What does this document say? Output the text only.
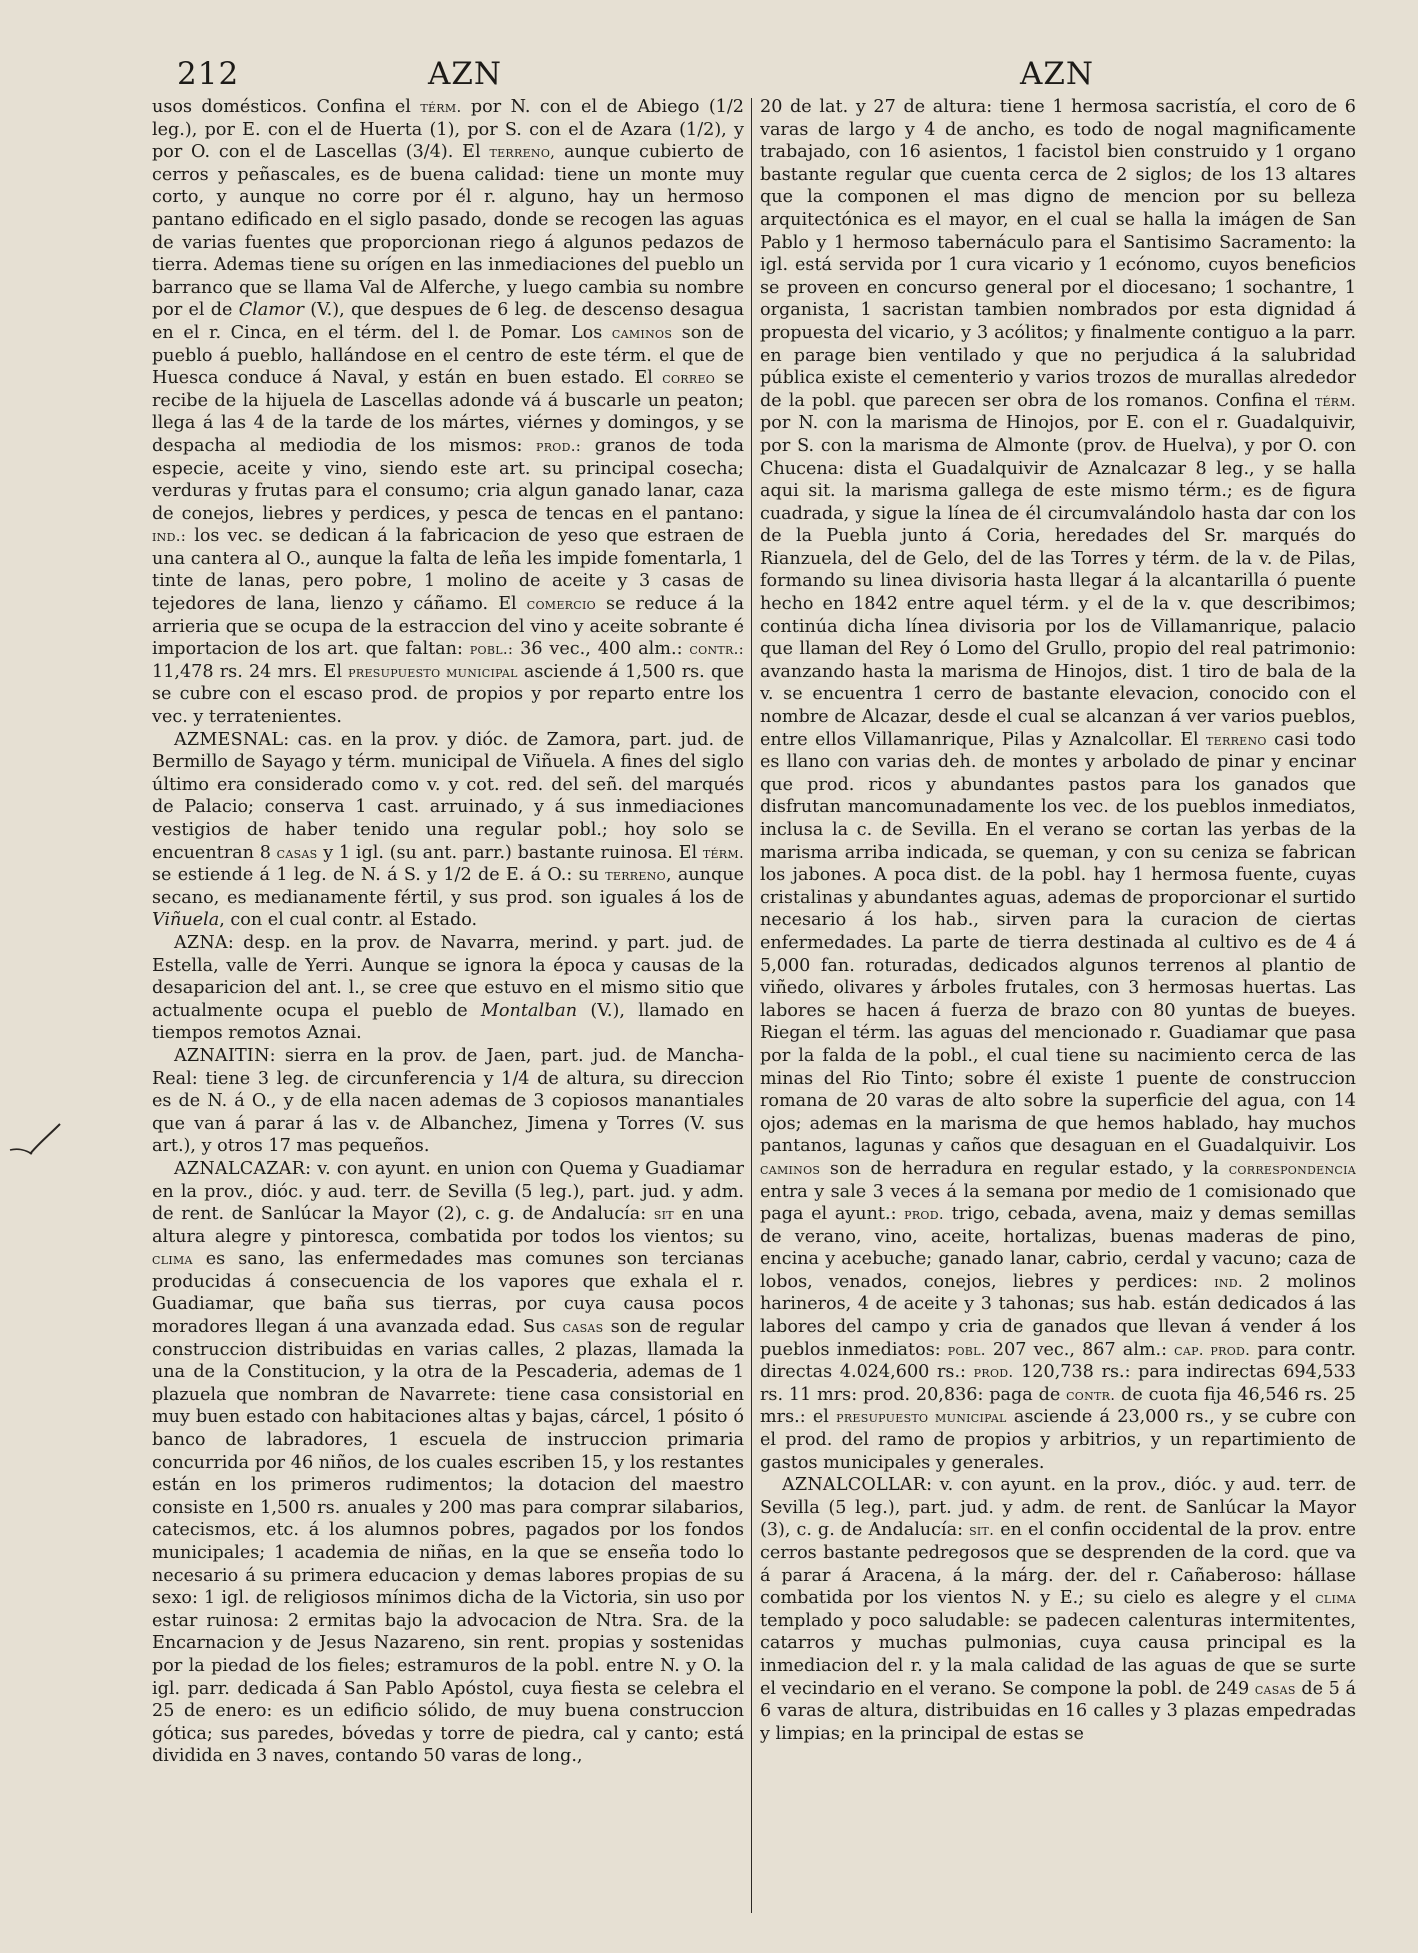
212	AZN	AZN

usos domésticos. Confina el térm. por N. con el de Abiego (1/2 leg.), por E. con el de Huerta (1), por S. con el de Azara (1/2), y por O. con el de Lascellas (3/4). El terreno, aunque cubierto de cerros y peñascales, es de buena calidad: tiene un monte muy corto, y aunque no corre por él r. alguno, hay un hermoso pantano edificado en el siglo pasado, donde se recogen las aguas de varias fuentes que proporcionan riego á algunos pedazos de tierra. Ademas tiene su orígen en las inmediaciones del pueblo un barranco que se llama Val de Alferche, y luego cambia su nombre por el de Clamor (V.), que despues de 6 leg. de descenso desagua en el r. Cinca, en el térm. del l. de Pomar. Los caminos son de pueblo á pueblo, hallándose en el centro de este térm. el que de Huesca conduce á Naval, y están en buen estado. El correo se recibe de la hijuela de Lascellas adonde vá á buscarle un peaton; llega á las 4 de la tarde de los mártes, viérnes y domingos, y se despacha al mediodia de los mismos: prod.: granos de toda especie, aceite y vino, siendo este art. su principal cosecha; verduras y frutas para el consumo; cria algun ganado lanar, caza de conejos, liebres y perdices, y pesca de tencas en el pantano: ind.: los vec. se dedican á la fabricacion de yeso que estraen de una cantera al O., aunque la falta de leña les impide fomentarla, 1 tinte de lanas, pero pobre, 1 molino de aceite y 3 casas de tejedores de lana, lienzo y cáñamo. El comercio se reduce á la arrieria que se ocupa de la estraccion del vino y aceite sobrante é importacion de los art. que faltan: pobl.: 36 vec., 400 alm.: contr.: 11,478 rs. 24 mrs. El presupuesto municipal asciende á 1,500 rs. que se cubre con el escaso prod. de propios y por reparto entre los vec. y terratenientes.

AZMESNAL: cas. en la prov. y dióc. de Zamora, part. jud. de Bermillo de Sayago y térm. municipal de Viñuela. A fines del siglo último era considerado como v. y cot. red. del señ. del marqués de Palacio; conserva 1 cast. arruinado, y á sus inmediaciones vestigios de haber tenido una regular pobl.; hoy solo se encuentran 8 casas y 1 igl. (su ant. parr.) bastante ruinosa. El térm. se estiende á 1 leg. de N. á S. y 1/2 de E. á O.: su terreno, aunque secano, es medianamente fértil, y sus prod. son iguales á los de Viñuela, con el cual contr. al Estado.

AZNA: desp. en la prov. de Navarra, merind. y part. jud. de Estella, valle de Yerri. Aunque se ignora la época y causas de la desaparicion del ant. l., se cree que estuvo en el mismo sitio que actualmente ocupa el pueblo de Montalban (V.), llamado en tiempos remotos Aznai.

AZNAITIN: sierra en la prov. de Jaen, part. jud. de Mancha-Real: tiene 3 leg. de circunferencia y 1/4 de altura, su direccion es de N. á O., y de ella nacen ademas de 3 copiosos manantiales que van á parar á las v. de Albanchez, Jimena y Torres (V. sus art.), y otros 17 mas pequeños.

AZNALCAZAR: v. con ayunt. en union con Quema y Guadiamar en la prov., dióc. y aud. terr. de Sevilla (5 leg.), part. jud. y adm. de rent. de Sanlúcar la Mayor (2), c. g. de Andalucía: sit en una altura alegre y pintoresca, combatida por todos los vientos; su clima es sano, las enfermedades mas comunes son tercianas producidas á consecuencia de los vapores que exhala el r. Guadiamar, que baña sus tierras, por cuya causa pocos moradores llegan á una avanzada edad. Sus casas son de regular construccion distribuidas en varias calles, 2 plazas, llamada la una de la Constitucion, y la otra de la Pescaderia, ademas de 1 plazuela que nombran de Navarrete: tiene casa consistorial en muy buen estado con habitaciones altas y bajas, cárcel, 1 pósito ó banco de labradores, 1 escuela de instruccion primaria concurrida por 46 niños, de los cuales escriben 15, y los restantes están en los primeros rudimentos; la dotacion del maestro consiste en 1,500 rs. anuales y 200 mas para comprar silabarios, catecismos, etc. á los alumnos pobres, pagados por los fondos municipales; 1 academia de niñas, en la que se enseña todo lo necesario á su primera educacion y demas labores propias de su sexo: 1 igl. de religiosos mínimos dicha de la Victoria, sin uso por estar ruinosa: 2 ermitas bajo la advocacion de Ntra. Sra. de la Encarnacion y de Jesus Nazareno, sin rent. propias y sostenidas por la piedad de los fieles; estramuros de la pobl. entre N. y O. la igl. parr. dedicada á San Pablo Apóstol, cuya fiesta se celebra el 25 de enero: es un edificio sólido, de muy buena construccion gótica; sus paredes, bóvedas y torre de piedra, cal y canto; está dividida en 3 naves, contando 50 varas de long.,

20 de lat. y 27 de altura: tiene 1 hermosa sacristía, el coro de 6 varas de largo y 4 de ancho, es todo de nogal magnificamente trabajado, con 16 asientos, 1 facistol bien construido y 1 organo bastante regular que cuenta cerca de 2 siglos; de los 13 altares que la componen el mas digno de mencion por su belleza arquitectónica es el mayor, en el cual se halla la imágen de San Pablo y 1 hermoso tabernáculo para el Santisimo Sacramento: la igl. está servida por 1 cura vicario y 1 ecónomo, cuyos beneficios se proveen en concurso general por el diocesano; 1 sochantre, 1 organista, 1 sacristan tambien nombrados por esta dignidad á propuesta del vicario, y 3 acólitos; y finalmente contiguo a la parr. en parage bien ventilado y que no perjudica á la salubridad pública existe el cementerio y varios trozos de murallas alrededor de la pobl. que parecen ser obra de los romanos. Confina el térm. por N. con la marisma de Hinojos, por E. con el r. Guadalquivir, por S. con la marisma de Almonte (prov. de Huelva), y por O. con Chucena: dista el Guadalquivir de Aznalcazar 8 leg., y se halla aqui sit. la marisma gallega de este mismo térm.; es de figura cuadrada, y sigue la línea de él circumvalándolo hasta dar con los de la Puebla junto á Coria, heredades del Sr. marqués do Rianzuela, del de Gelo, del de las Torres y térm. de la v. de Pilas, formando su linea divisoria hasta llegar á la alcantarilla ó puente hecho en 1842 entre aquel térm. y el de la v. que describimos; continúa dicha línea divisoria por los de Villamanrique, palacio que llaman del Rey ó Lomo del Grullo, propio del real patrimonio: avanzando hasta la marisma de Hinojos, dist. 1 tiro de bala de la v. se encuentra 1 cerro de bastante elevacion, conocido con el nombre de Alcazar, desde el cual se alcanzan á ver varios pueblos, entre ellos Villamanrique, Pilas y Aznalcollar. El terreno casi todo es llano con varias deh. de montes y arbolado de pinar y encinar que prod. ricos y abundantes pastos para los ganados que disfrutan mancomunadamente los vec. de los pueblos inmediatos, inclusa la c. de Sevilla. En el verano se cortan las yerbas de la marisma arriba indicada, se queman, y con su ceniza se fabrican los jabones. A poca dist. de la pobl. hay 1 hermosa fuente, cuyas cristalinas y abundantes aguas, ademas de proporcionar el surtido necesario á los hab., sirven para la curacion de ciertas enfermedades. La parte de tierra destinada al cultivo es de 4 á 5,000 fan. roturadas, dedicados algunos terrenos al plantio de viñedo, olivares y árboles frutales, con 3 hermosas huertas. Las labores se hacen á fuerza de brazo con 80 yuntas de bueyes. Riegan el térm. las aguas del mencionado r. Guadiamar que pasa por la falda de la pobl., el cual tiene su nacimiento cerca de las minas del Rio Tinto; sobre él existe 1 puente de construccion romana de 20 varas de alto sobre la superficie del agua, con 14 ojos; ademas en la marisma de que hemos hablado, hay muchos pantanos, lagunas y caños que desaguan en el Guadalquivir. Los caminos son de herradura en regular estado, y la correspondencia entra y sale 3 veces á la semana por medio de 1 comisionado que paga el ayunt.: prod. trigo, cebada, avena, maiz y demas semillas de verano, vino, aceite, hortalizas, buenas maderas de pino, encina y acebuche; ganado lanar, cabrio, cerdal y vacuno; caza de lobos, venados, conejos, liebres y perdices: ind. 2 molinos harineros, 4 de aceite y 3 tahonas; sus hab. están dedicados á las labores del campo y cria de ganados que llevan á vender á los pueblos inmediatos: pobl. 207 vec., 867 alm.: cap. prod. para contr. directas 4.024,600 rs.: prod. 120,738 rs.: para indirectas 694,533 rs. 11 mrs: prod. 20,836: paga de contr. de cuota fija 46,546 rs. 25 mrs.: el presupuesto municipal asciende á 23,000 rs., y se cubre con el prod. del ramo de propios y arbitrios, y un repartimiento de gastos municipales y generales.

AZNALCOLLAR: v. con ayunt. en la prov., dióc. y aud. terr. de Sevilla (5 leg.), part. jud. y adm. de rent. de Sanlúcar la Mayor (3), c. g. de Andalucía: sit. en el confin occidental de la prov. entre cerros bastante pedregosos que se desprenden de la cord. que va á parar á Aracena, á la márg. der. del r. Cañaberoso: hállase combatida por los vientos N. y E.; su cielo es alegre y el clima templado y poco saludable: se padecen calenturas intermitentes, catarros y muchas pulmonias, cuya causa principal es la inmediacion del r. y la mala calidad de las aguas de que se surte el vecindario en el verano. Se compone la pobl. de 249 casas de 5 á 6 varas de altura, distribuidas en 16 calles y 3 plazas empedradas y limpias; en la principal de estas se
